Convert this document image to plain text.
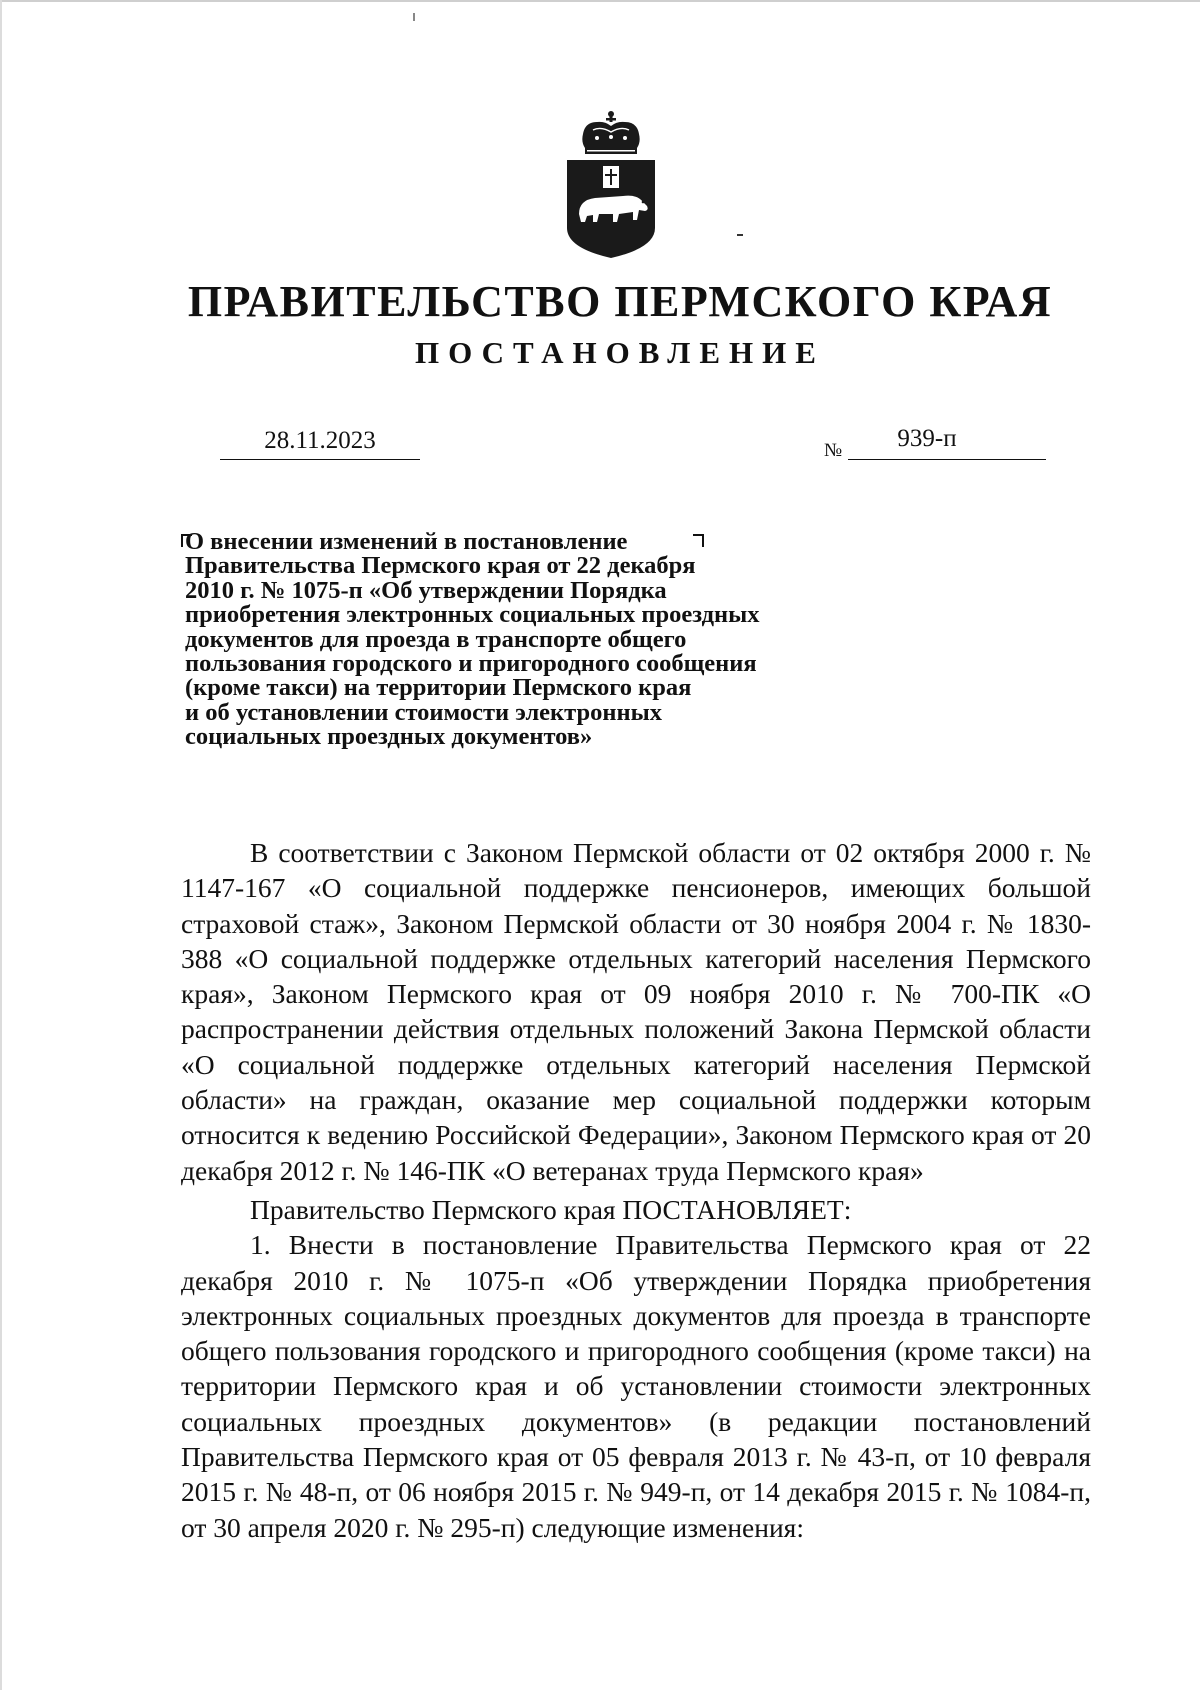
ПРАВИТЕЛЬСТВО ПЕРМСКОГО КРАЯ
ПОСТАНОВЛЕНИЕ
28.11.2023	№	939-п
О внесении изменений в постановление
Правительства Пермского края от 22 декабря
2010 г. № 1075-п «Об утверждении Порядка
приобретения электронных социальных проездных
документов для проезда в транспорте общего
пользования городского и пригородного сообщения
(кроме такси) на территории Пермского края
и об установлении стоимости электронных
социальных проездных документов»

В соответствии с Законом Пермской области от 02 октября 2000 г. № 1147-167 «О социальной поддержке пенсионеров, имеющих большой страховой стаж», Законом Пермской области от 30 ноября 2004 г. № 1830-388 «О социальной поддержке отдельных категорий населения Пермского края», Законом Пермского края от 09 ноября 2010 г. № 700-ПК «О распространении действия отдельных положений Закона Пермской области «О социальной поддержке отдельных категорий населения Пермской области» на граждан, оказание мер социальной поддержки которым относится к ведению Российской Федерации», Законом Пермского края от 20 декабря 2012 г. № 146-ПК «О ветеранах труда Пермского края»

Правительство Пермского края ПОСТАНОВЛЯЕТ:

1. Внести в постановление Правительства Пермского края от 22 декабря 2010 г. № 1075-п «Об утверждении Порядка приобретения электронных социальных проездных документов для проезда в транспорте общего пользования городского и пригородного сообщения (кроме такси) на территории Пермского края и об установлении стоимости электронных социальных проездных документов» (в редакции постановлений Правительства Пермского края от 05 февраля 2013 г. № 43-п, от 10 февраля 2015 г. № 48-п, от 06 ноября 2015 г. № 949-п, от 14 декабря 2015 г. № 1084-п, от 30 апреля 2020 г. № 295-п) следующие изменения:
